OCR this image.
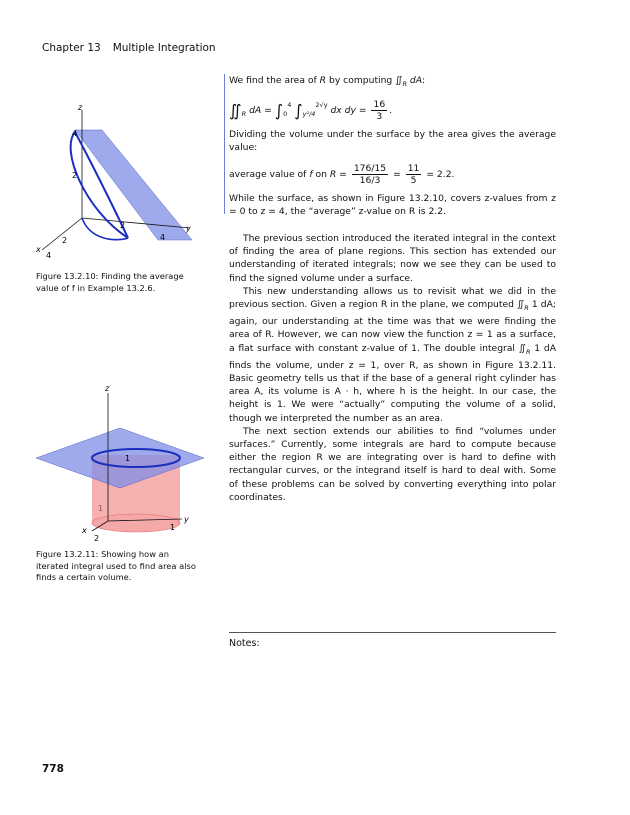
Chapter 13 Multiple Integration
z
y
x
4
2
2
4
2
4
Figure 13.2.10: Finding the average value of f in Example 13.2.6.
z
y
x
1
1
2
1
Figure 13.2.11: Showing how an iterated integral used to find area also finds a certain volume.

We find the area of R by computing $∬_R$ dA:

$∬_R$ dA = $\int_0^4$ $\int_{y^2/4}^{2√y}$ dx dy = $\frac{16}{3}$ .

Dividing the volume under the surface by the area gives the average value:

average value of f on $R = \frac{176/15}{16/3} = \frac{11}{5} = 2.2$.

While the surface, as shown in Figure 13.2.10, covers z-values from z = 0 to z = 4, the “average” z-value on R is 2.2.

The previous section introduced the iterated integral in the context of finding the area of plane regions. This section has extended our understanding of iterated integrals; now we see they can be used to find the signed volume under a surface.

This new understanding allows us to revisit what we did in the previous section. Given a region R in the plane, we computed $∬_R$ 1 dA; again, our understanding at the time was that we were finding the area of R. However, we can now view the function z = 1 as a surface, a flat surface with constant z-value of 1. The double integral $∬_R$ 1 dA finds the volume, under z = 1, over R, as shown in Figure 13.2.11. Basic geometry tells us that if the base of a general right cylinder has area A, its volume is A · h, where h is the height. In our case, the height is 1. We were “actually” computing the volume of a solid, though we interpreted the number as an area.

The next section extends our abilities to find “volumes under surfaces.” Currently, some integrals are hard to compute because either the region R we are integrating over is hard to define with rectangular curves, or the integrand itself is hard to deal with. Some of these problems can be solved by converting everything into polar coordinates.

Notes:
778
